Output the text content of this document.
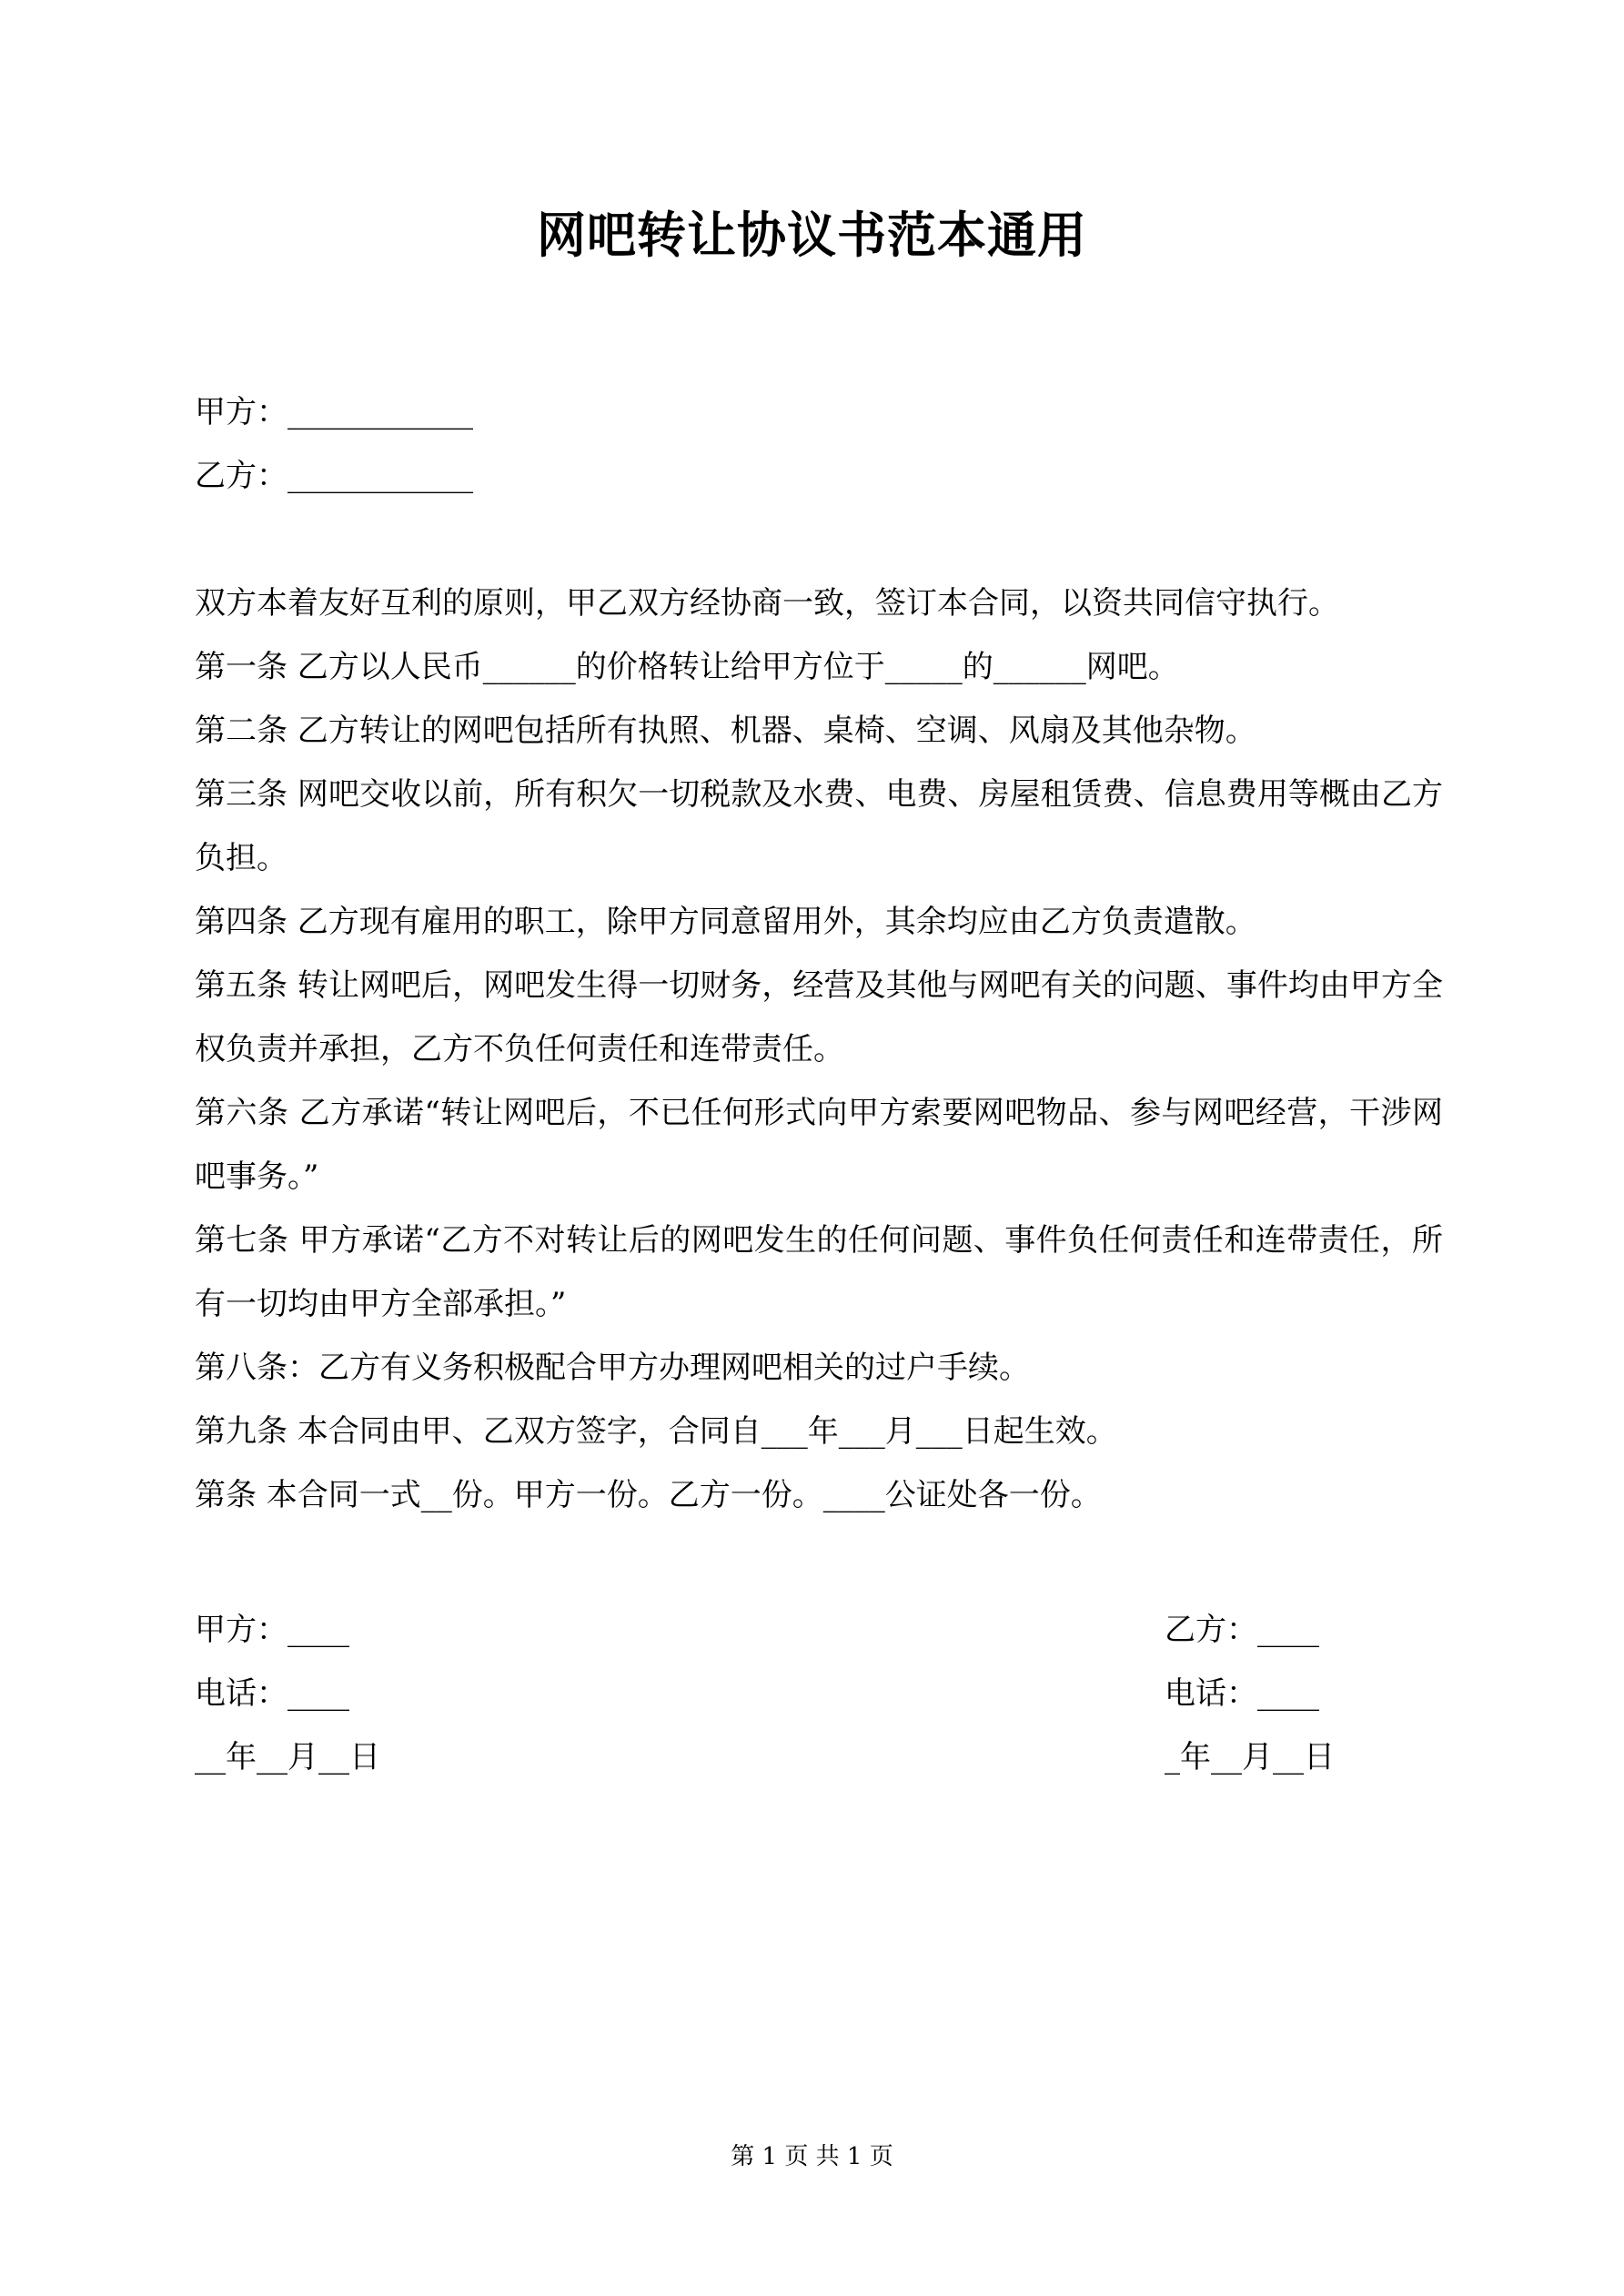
网吧转让协议书范本通用
甲方：____________
乙方：____________

双方本着友好互利的原则，甲乙双方经协商一致，签订本合同，以资共同信守执行。

第一条 乙方以人民币______的价格转让给甲方位于_____的______网吧。

第二条 乙方转让的网吧包括所有执照、机器、桌椅、空调、风扇及其他杂物。

第三条 网吧交收以前，所有积欠一切税款及水费、电费、房屋租赁费、信息费用等概由乙方负担。

第四条 乙方现有雇用的职工，除甲方同意留用外，其余均应由乙方负责遣散。

第五条 转让网吧后，网吧发生得一切财务，经营及其他与网吧有关的问题、事件均由甲方全权负责并承担，乙方不负任何责任和连带责任。

第六条 乙方承诺“转让网吧后，不已任何形式向甲方索要网吧物品、参与网吧经营，干涉网吧事务。”

第七条 甲方承诺“乙方不对转让后的网吧发生的任何问题、事件负任何责任和连带责任，所有一切均由甲方全部承担。”

第八条：乙方有义务积极配合甲方办理网吧相关的过户手续。

第九条 本合同由甲、乙双方签字，合同自___年___月___日起生效。

第条 本合同一式__份。甲方一份。乙方一份。____公证处各一份。

甲方：____
电话：____
__年__月__日
乙方：____
电话：____
_年__月__日
第 1 页 共 1 页
